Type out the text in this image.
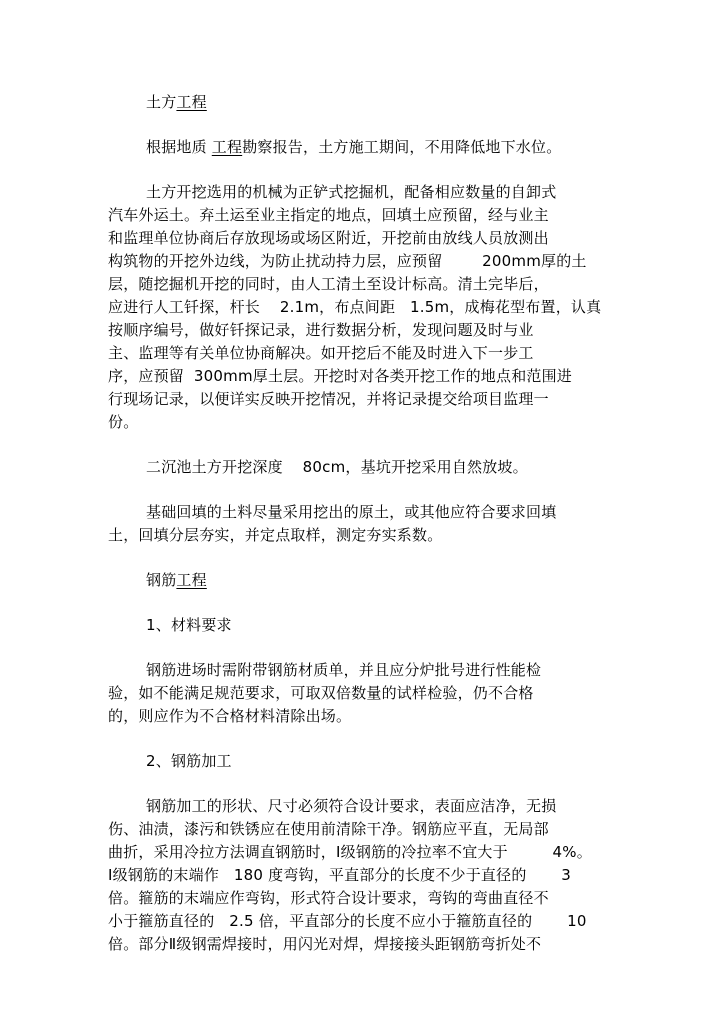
土方工程
根据地质 工程勘察报告，土方施工期间，不用降低地下水位。
土方开挖选用的机械为正铲式挖掘机，配备相应数量的自卸式
汽车外运土。弃土运至业主指定的地点，回填土应预留，经与业主
和监理单位协商后存放现场或场区附近，开挖前由放线人员放测出
构筑物的开挖外边线，为防止扰动持力层，应预留        200mm厚的土
层，随挖掘机开挖的同时，由人工清土至设计标高。清土完毕后，
应进行人工钎探，杆长    2.1m，布点间距   1.5m，成梅花型布置，认真
按顺序编号，做好钎探记录，进行数据分析，发现问题及时与业
主、监理等有关单位协商解决。如开挖后不能及时进入下一步工
序，应预留  300mm厚土层。开挖时对各类开挖工作的地点和范围进
行现场记录，以便详实反映开挖情况，并将记录提交给项目监理一
份。
二沉池土方开挖深度    80cm，基坑开挖采用自然放坡。
基础回填的土料尽量采用挖出的原土，或其他应符合要求回填
土，回填分层夯实，并定点取样，测定夯实系数。
钢筋工程
1、材料要求
钢筋进场时需附带钢筋材质单，并且应分炉批号进行性能检
验，如不能满足规范要求，可取双倍数量的试样检验，仍不合格
的，则应作为不合格材料清除出场。
2、钢筋加工
钢筋加工的形状、尺寸必须符合设计要求，表面应洁净，无损
伤、油渍，漆污和铁锈应在使用前清除干净。钢筋应平直，无局部
曲折，采用冷拉方法调直钢筋时，Ⅰ级钢筋的冷拉率不宜大于         4%。
Ⅰ级钢筋的末端作   180 度弯钩，平直部分的长度不少于直径的       3
倍。箍筋的末端应作弯钩，形式符合设计要求，弯钩的弯曲直径不
小于箍筋直径的   2.5 倍，平直部分的长度不应小于箍筋直径的       10
倍。部分Ⅱ级钢需焊接时，用闪光对焊，焊接接头距钢筋弯折处不
